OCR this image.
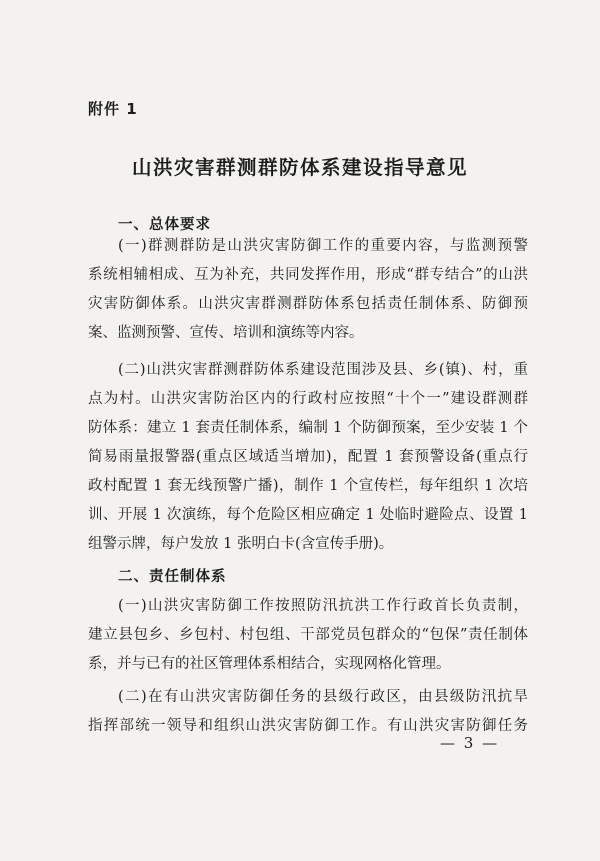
附件 1
山洪灾害群测群防体系建设指导意见
一、总体要求
(一)群测群防是山洪灾害防御工作的重要内容，与监测预警
系统相辅相成、互为补充，共同发挥作用，形成“群专结合”的山洪
灾害防御体系。山洪灾害群测群防体系包括责任制体系、防御预
案、监测预警、宣传、培训和演练等内容。
(二)山洪灾害群测群防体系建设范围涉及县、乡(镇)、村，重
点为村。山洪灾害防治区内的行政村应按照“十个一”建设群测群
防体系：建立 1 套责任制体系，编制 1 个防御预案，至少安装 1 个
简易雨量报警器(重点区域适当增加)，配置 1 套预警设备(重点行
政村配置 1 套无线预警广播)，制作 1 个宣传栏，每年组织 1 次培
训、开展 1 次演练，每个危险区相应确定 1 处临时避险点、设置 1
组警示牌，每户发放 1 张明白卡(含宣传手册)。
二、责任制体系
(一)山洪灾害防御工作按照防汛抗洪工作行政首长负责制，
建立县包乡、乡包村、村包组、干部党员包群众的“包保”责任制体
系，并与已有的社区管理体系相结合，实现网格化管理。
(二)在有山洪灾害防御任务的县级行政区，由县级防汛抗旱
指挥部统一领导和组织山洪灾害防御工作。有山洪灾害防御任务
— 3 —
